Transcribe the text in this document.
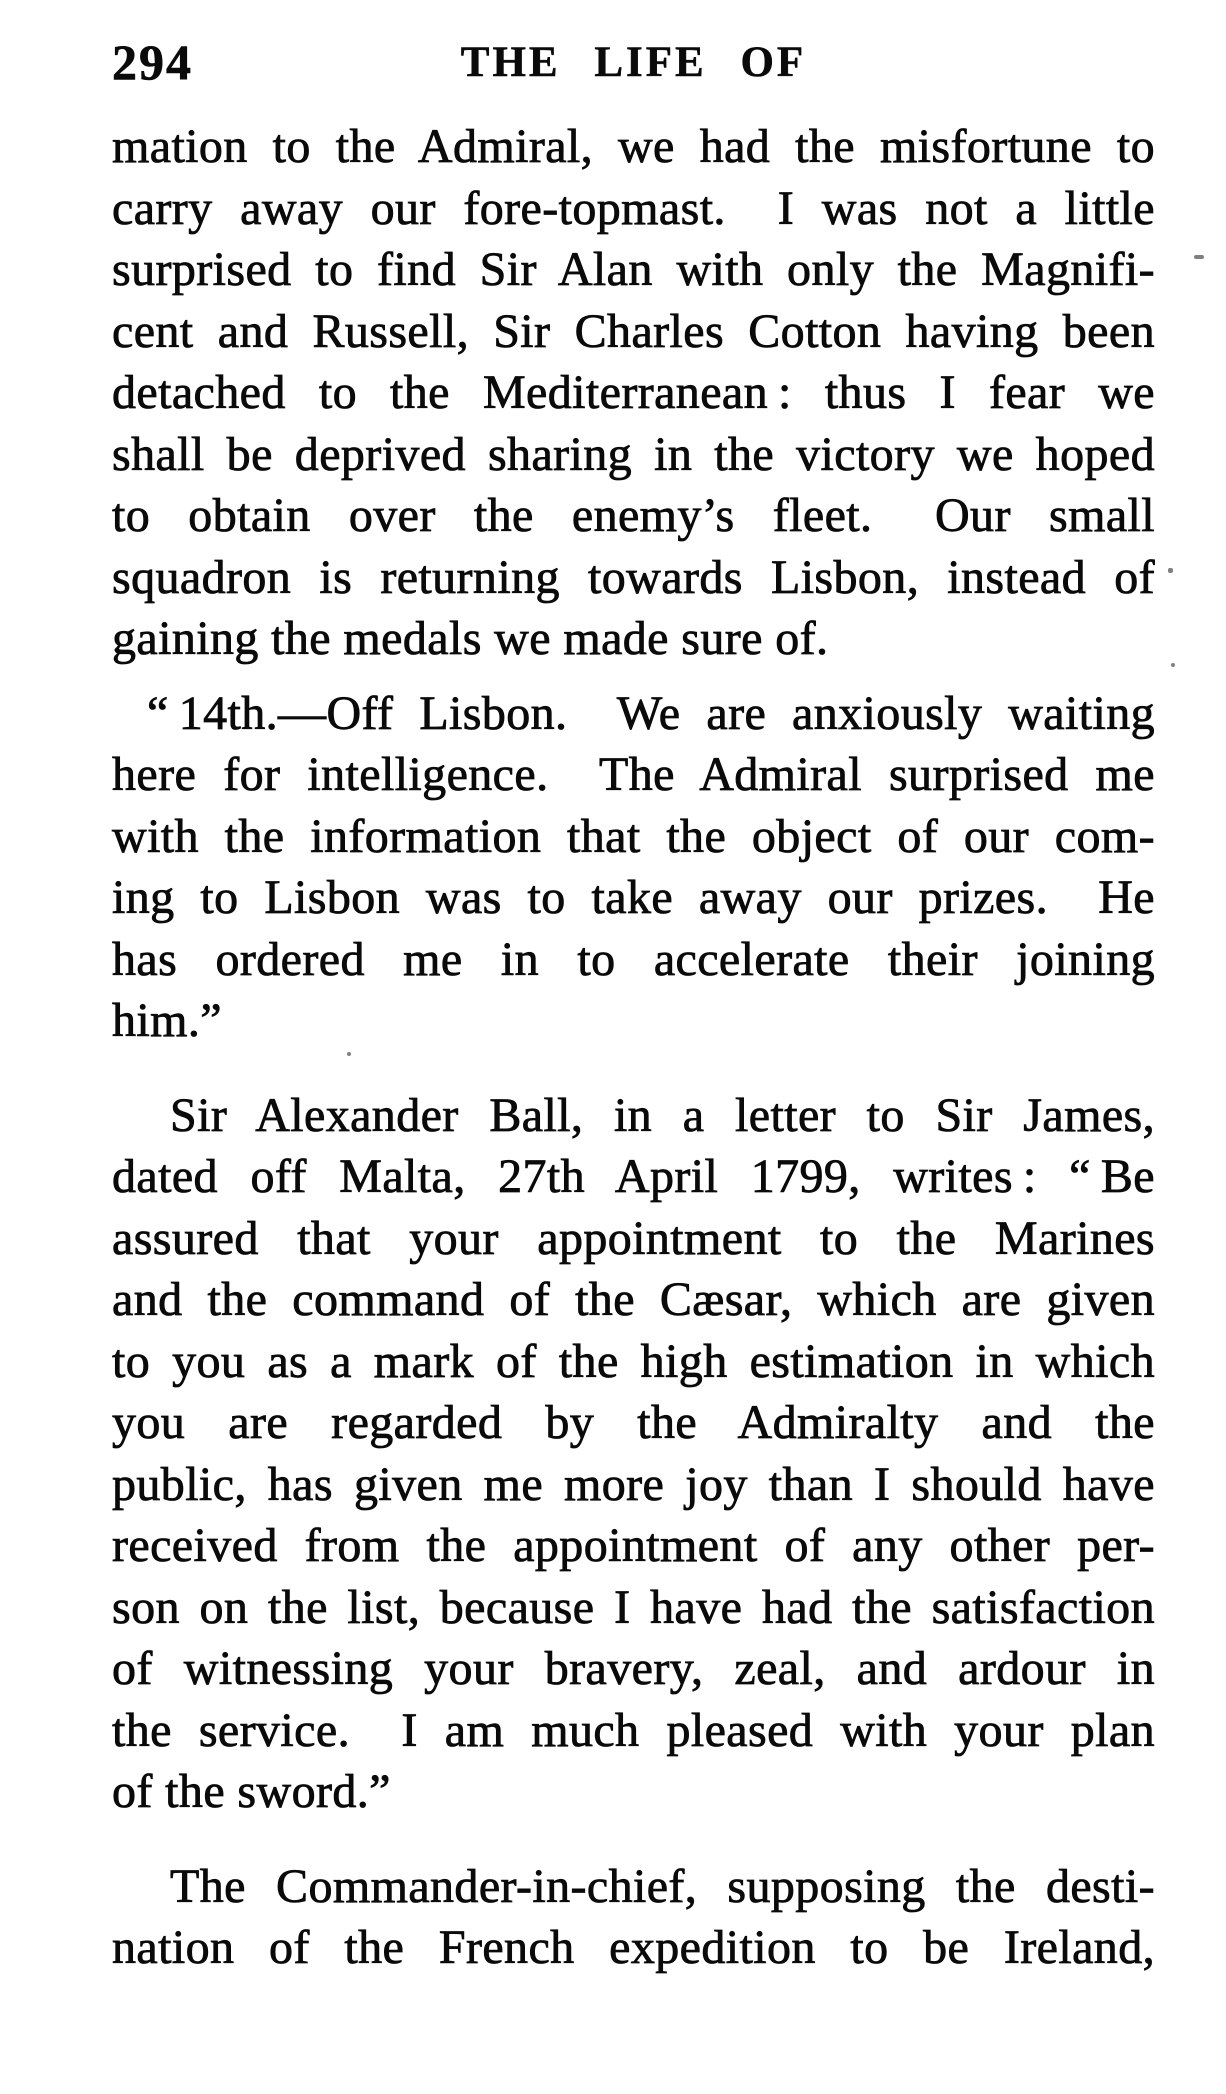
294	THE LIFE OF

mation to the Admiral, we had the misfortune to
carry away our fore-topmast.  I was not a little
surprised to find Sir Alan with only the Magnifi-
cent and Russell, Sir Charles Cotton having been
detached to the Mediterranean : thus I fear we
shall be deprived sharing in the victory we hoped
to obtain over the enemy’s fleet.  Our small
squadron is returning towards Lisbon, instead of
gaining the medals we made sure of.

“ 14th.—Off Lisbon.  We are anxiously waiting
here for intelligence.  The Admiral surprised me
with the information that the object of our com-
ing to Lisbon was to take away our prizes.  He
has ordered me in to accelerate their joining
him.”

Sir Alexander Ball, in a letter to Sir James,
dated off Malta, 27th April 1799, writes : “ Be
assured that your appointment to the Marines
and the command of the Cæsar, which are given
to you as a mark of the high estimation in which
you are regarded by the Admiralty and the
public, has given me more joy than I should have
received from the appointment of any other per-
son on the list, because I have had the satisfaction
of witnessing your bravery, zeal, and ardour in
the service.  I am much pleased with your plan
of the sword.”

The Commander-in-chief, supposing the desti-
nation of the French expedition to be Ireland,
